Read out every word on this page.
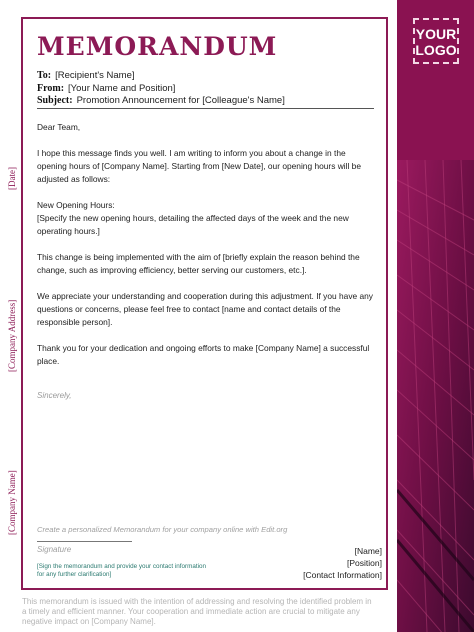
YOUR
LOGO
MEMORANDUM
To: [Recipient's Name]
From: [Your Name and Position]
Subject: Promotion Announcement for [Colleague's Name]
[Date]
[Company Address]
[Company Name]

Dear Team,

I hope this message finds you well. I am writing to inform you about a change in the opening hours of [Company Name]. Starting from [New Date], our opening hours will be adjusted as follows:

New Opening Hours:
[Specify the new opening hours, detailing the affected days of the week and the new operating hours.]

This change is being implemented with the aim of [briefly explain the reason behind the change, such as improving efficiency, better serving our customers, etc.].

We appreciate your understanding and cooperation during this adjustment. If you have any questions or concerns, please feel free to contact [name and contact details of the responsible person].

Thank you for your dedication and ongoing efforts to make [Company Name] a successful place.

Sincerely,
Create a personalized Memorandum for your company online with Edit.org
Signature
[Sign the memorandum and provide your contact information for any further clarification]
[Name]
[Position]
[Contact Information]
This memorandum is issued with the intention of addressing and resolving the identified problem in a timely and efficient manner. Your cooperation and immediate action are crucial to mitigate any negative impact on [Company Name].
